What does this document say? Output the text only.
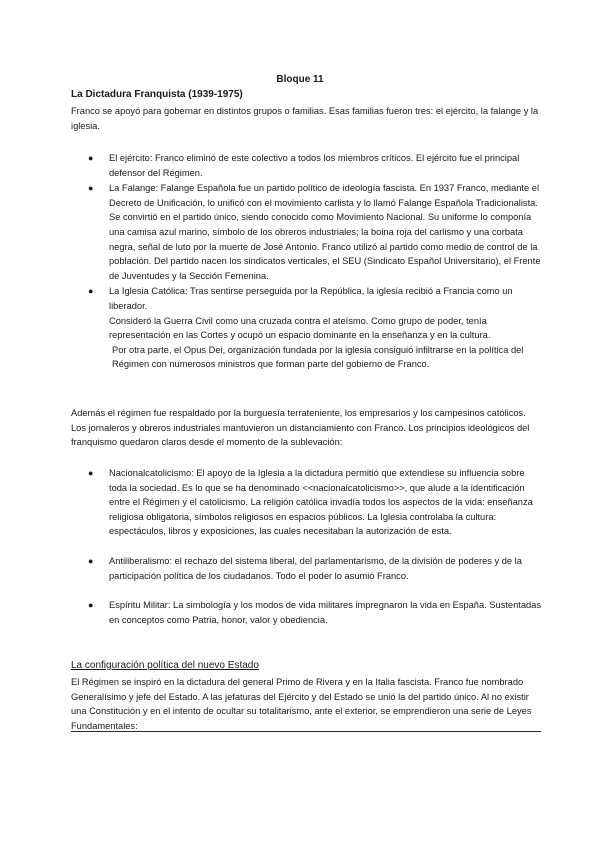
Bloque 11
La Dictadura Franquista (1939-1975)

Franco se apoyó para gobernar en distintos grupos o familias. Esas familias fueron tres: el ejército, la falange y la iglesia.

● El ejército: Franco eliminó de este colectivo a todos los miembros críticos. El ejército fue el principal defensor del Régimen.
● La Falange: Falange Española fue un partido político de ideología fascista. En 1937 Franco, mediante el Decreto de Unificación, lo unificó con el movimiento carlista y lo llamó Falange Española Tradicionalista. Se convirtió en el partido único, siendo conocido como Movimiento Nacional. Su uniforme lo componía una camisa azul marino, símbolo de los obreros industriales; la boina roja del carlismo y una corbata negra, señal de luto por la muerte de José Antonio. Franco utilizó al partido como medio de control de la población. Del partido nacen los sindicatos verticales, el SEU (Sindicato Español Universitario), el Frente de Juventudes y la Sección Femenina.
● La Iglesia Católica: Tras sentirse perseguida por la República, la iglesia recibió a Francia como un liberador.
Consideró la Guerra Civil como una cruzada contra el ateísmo. Como grupo de poder, tenía representación en las Cortes y ocupó un espacio dominante en la enseñanza y en la cultura.
Por otra parte, el Opus Dei, organización fundada por la iglesia consiguió infiltrarse en la política del Régimen con numerosos ministros que forman parte del gobierno de Franco.

Además el régimen fue respaldado por la burguesía terrateniente, los empresarios y los campesinos católicos. Los jornaleros y obreros industriales mantuvieron un distanciamiento con Franco. Los principios ideológicos del franquismo quedaron claros desde el momento de la sublevación:

● Nacionalcatolicismo: El apoyo de la Iglesia a la dictadura permitió que extendiese su influencia sobre toda la sociedad. Es lo que se ha denominado <<nacionalcatolicismo>>, que alude a la identificación entre el Régimen y el catolicismo. La religión católica invadía todos los aspectos de la vida: enseñanza religiosa obligatoria, símbolos religiosos en espacios públicos. La Iglesia controlaba la cultura: espectáculos, libros y exposiciones, las cuales necesitaban la autorización de esta.
● Antiliberalismo: el rechazo del sistema liberal, del parlamentarismo, de la división de poderes y de la participación política de los ciudadanos. Todo el poder lo asumió Franco.
● Espíritu Militar: La simbología y los modos de vida militares impregnaron la vida en España. Sustentadas en conceptos como Patria, honor, valor y obediencia.
La configuración política del nuevo Estado

El Régimen se inspiró en la dictadura del general Primo de Rivera y en la Italia fascista. Franco fue nombrado Generalísimo y jefe del Estado. A las jefaturas del Ejército y del Estado se unió la del partido único. Al no existir una Constitución y en el intento de ocultar su totalitarismo, ante el exterior, se emprendieron una serie de Leyes Fundamentales:
